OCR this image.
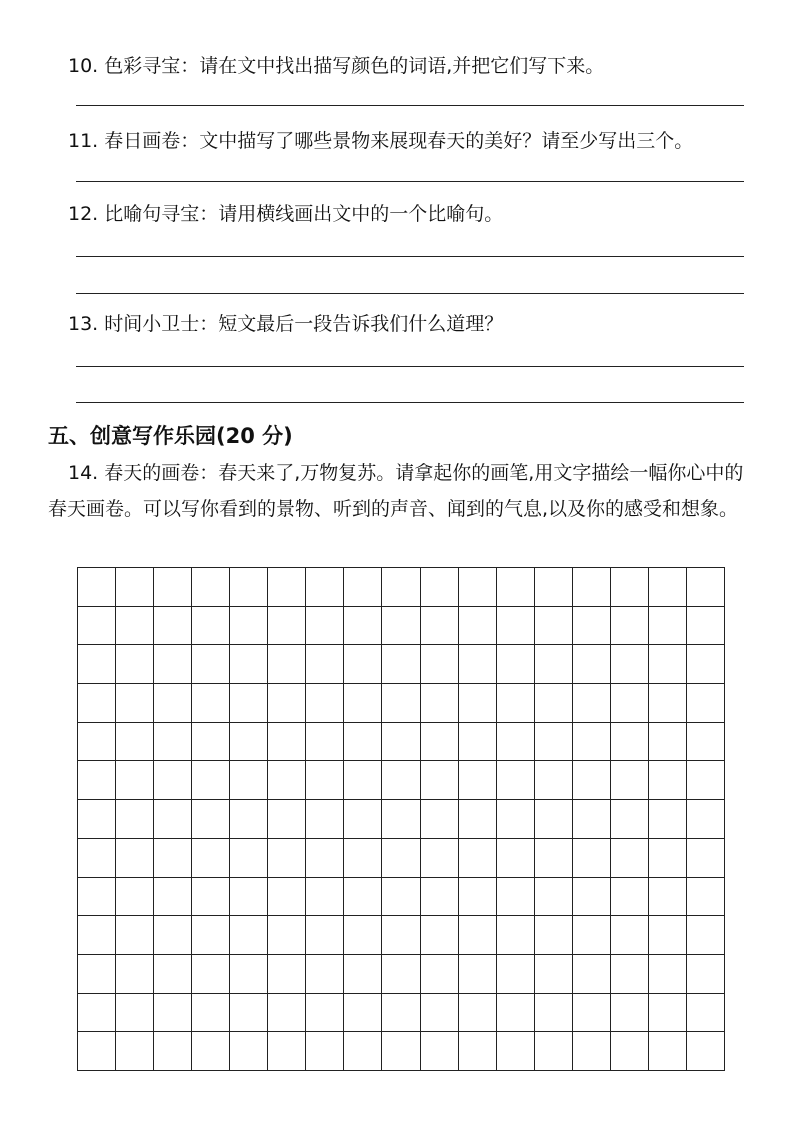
10. 色彩寻宝：请在文中找出描写颜色的词语,并把它们写下来。
11. 春日画卷：文中描写了哪些景物来展现春天的美好？请至少写出三个。
12. 比喻句寻宝：请用横线画出文中的一个比喻句。
13. 时间小卫士：短文最后一段告诉我们什么道理？
五、创意写作乐园(20 分)
14. 春天的画卷：春天来了,万物复苏。请拿起你的画笔,用文字描绘一幅你心中的春天画卷。可以写你看到的景物、听到的声音、闻到的气息,以及你的感受和想象。
